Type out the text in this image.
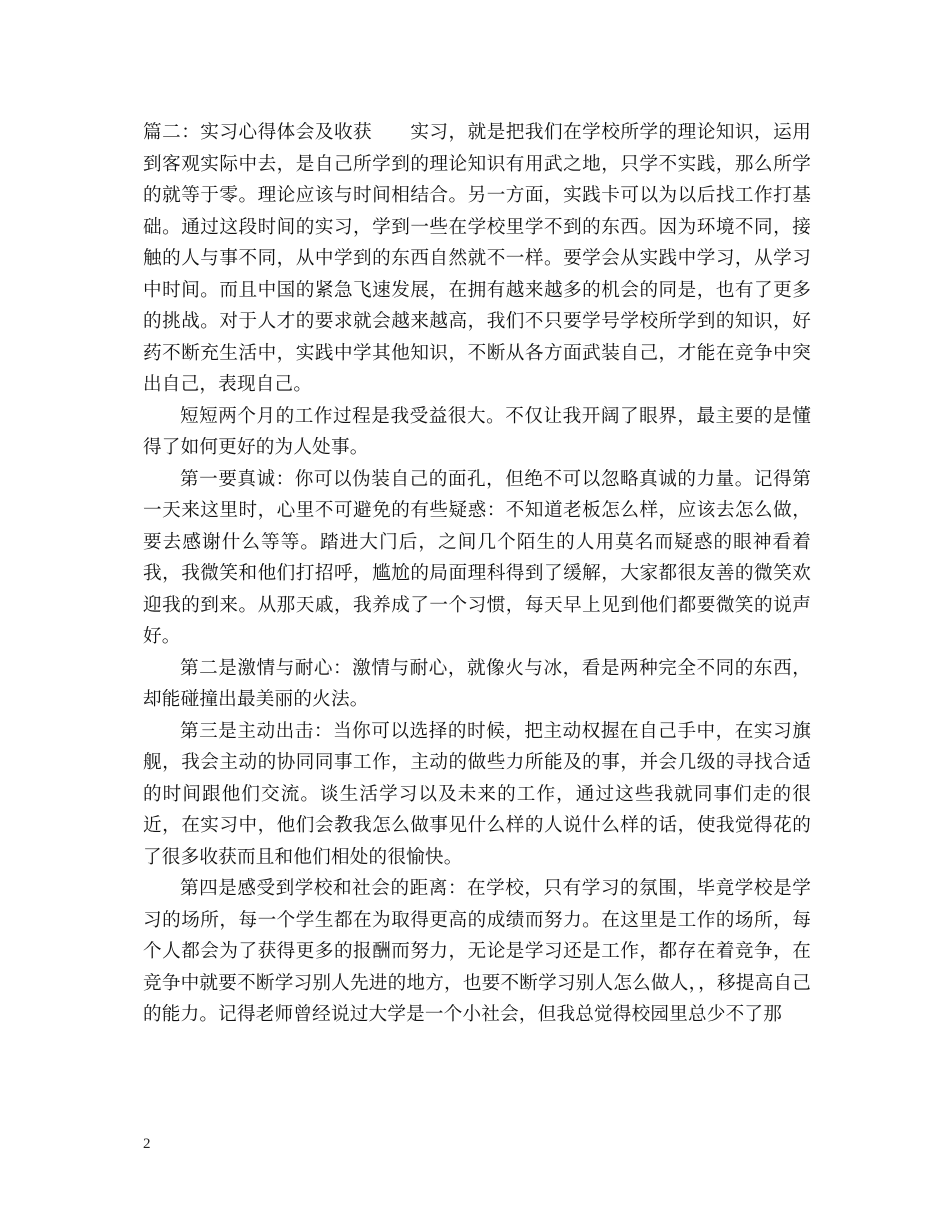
篇二：实习心得体会及收获　　实习，就是把我们在学校所学的理论知识，运用到客观实际中去，是自己所学到的理论知识有用武之地，只学不实践，那么所学的就等于零。理论应该与时间相结合。另一方面，实践卡可以为以后找工作打基础。通过这段时间的实习，学到一些在学校里学不到的东西。因为环境不同，接触的人与事不同，从中学到的东西自然就不一样。要学会从实践中学习，从学习中时间。而且中国的紧急飞速发展，在拥有越来越多的机会的同是，也有了更多的挑战。对于人才的要求就会越来越高，我们不只要学号学校所学到的知识，好药不断充生活中，实践中学其他知识，不断从各方面武装自己，才能在竞争中突出自己，表现自己。

短短两个月的工作过程是我受益很大。不仅让我开阔了眼界，最主要的是懂得了如何更好的为人处事。

第一要真诚：你可以伪装自己的面孔，但绝不可以忽略真诚的力量。记得第一天来这里时，心里不可避免的有些疑惑：不知道老板怎么样，应该去怎么做，要去感谢什么等等。踏进大门后，之间几个陌生的人用莫名而疑惑的眼神看着我，我微笑和他们打招呼，尴尬的局面理科得到了缓解，大家都很友善的微笑欢迎我的到来。从那天戚，我养成了一个习惯，每天早上见到他们都要微笑的说声好。

第二是激情与耐心：激情与耐心，就像火与冰，看是两种完全不同的东西，却能碰撞出最美丽的火法。

第三是主动出击：当你可以选择的时候，把主动权握在自己手中，在实习旗舰，我会主动的协同同事工作，主动的做些力所能及的事，并会几级的寻找合适的时间跟他们交流。谈生活学习以及未来的工作，通过这些我就同事们走的很近，在实习中，他们会教我怎么做事见什么样的人说什么样的话，使我觉得花的了很多收获而且和他们相处的很愉快。

第四是感受到学校和社会的距离：在学校，只有学习的氛围，毕竟学校是学习的场所，每一个学生都在为取得更高的成绩而努力。在这里是工作的场所，每个人都会为了获得更多的报酬而努力，无论是学习还是工作，都存在着竞争，在竞争中就要不断学习别人先进的地方，也要不断学习别人怎么做人，，移提高自己的能力。记得老师曾经说过大学是一个小社会，但我总觉得校园里总少不了那

2
